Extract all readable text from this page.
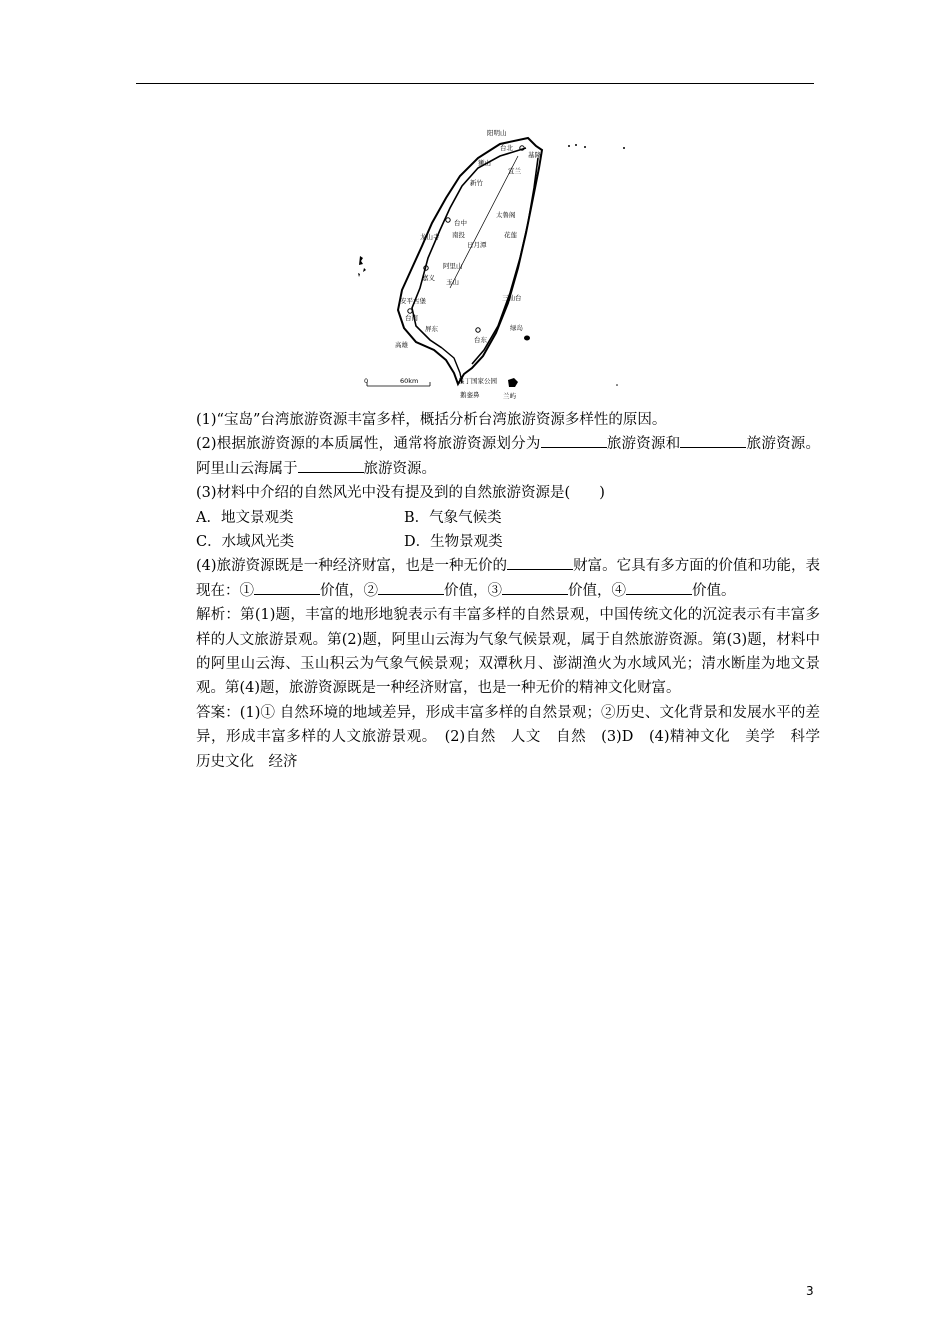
阳明山
台北
基隆
狮山
宜兰
新竹
太鲁阁
台中
龙山寺 南投	花莲
日月潭
阿里山
嘉义 玉山
安平古堡	三仙台
台南
屏东	绿岛
高雄
台东
垦丁国家公园
鹅銮鼻	兰屿
0	60km

(1)“宝岛”台湾旅游资源丰富多样，概括分析台湾旅游资源多样性的原因。

(2)根据旅游资源的本质属性，通常将旅游资源划分为	旅游资源和	旅游资源。阿里山云海属于	旅游资源。

(3)材料中介绍的自然风光中没有提及到的自然旅游资源是(　　)

A．地文景观类	B．气象气候类

C．水域风光类	D．生物景观类

(4)旅游资源既是一种经济财富，也是一种无价的	财富。它具有多方面的价值和功能，表现在：①	价值，②	价值，③	价值，④	价值。

解析：第(1)题，丰富的地形地貌表示有丰富多样的自然景观，中国传统文化的沉淀表示有丰富多样的人文旅游景观。第(2)题，阿里山云海为气象气候景观，属于自然旅游资源。第(3)题，材料中的阿里山云海、玉山积云为气象气候景观；双潭秋月、澎湖渔火为水域风光；清水断崖为地文景观。第(4)题，旅游资源既是一种经济财富，也是一种无价的精神文化财富。

答案：(1)① 自然环境的地域差异，形成丰富多样的自然景观；②历史、文化背景和发展水平的差异，形成丰富多样的人文旅游景观。　(2)自然　人文　自然　(3)D　(4)精神文化　美学　科学　历史文化　经济

3
